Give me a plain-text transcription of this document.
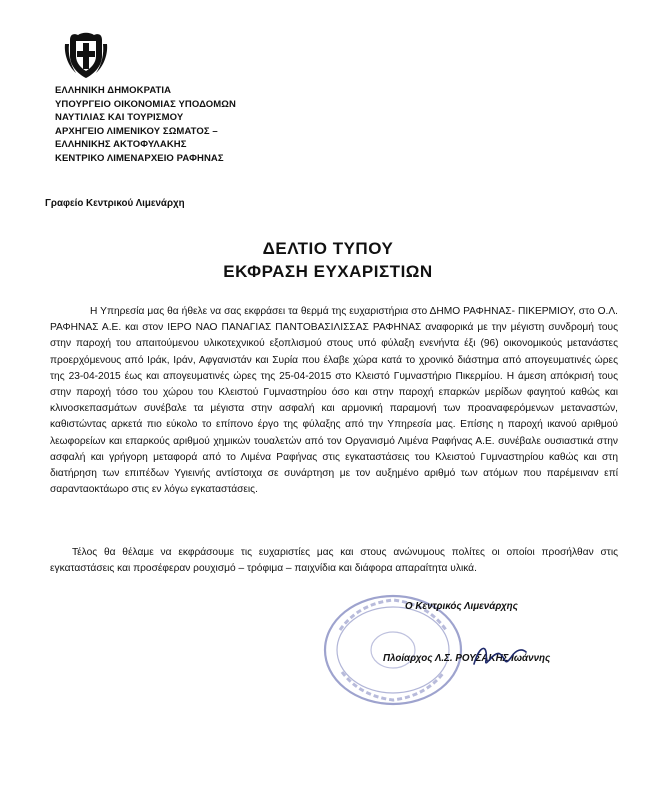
ΕΛΛΗΝΙΚΗ ΔΗΜΟΚΡΑΤΙΑ
ΥΠΟΥΡΓΕΙΟ ΟΙΚΟΝΟΜΙΑΣ ΥΠΟΔΟΜΩΝ
ΝΑΥΤΙΛΙΑΣ ΚΑΙ ΤΟΥΡΙΣΜΟΥ
ΑΡΧΗΓΕΙΟ ΛΙΜΕΝΙΚΟΥ ΣΩΜΑΤΟΣ –
ΕΛΛΗΝΙΚΗΣ ΑΚΤΟΦΥΛΑΚΗΣ
ΚΕΝΤΡΙΚΟ ΛΙΜΕΝΑΡΧΕΙΟ ΡΑΦΗΝΑΣ
Γραφείο Κεντρικού Λιμενάρχη
ΔΕΛΤΙΟ ΤΥΠΟΥ
ΕΚΦΡΑΣΗ ΕΥΧΑΡΙΣΤΙΩΝ
Η Υπηρεσία μας θα ήθελε να σας εκφράσει τα θερμά της ευχαριστήρια στο ΔΗΜΟ ΡΑΦΗΝΑΣ- ΠΙΚΕΡΜΙΟΥ, στο Ο.Λ. ΡΑΦΗΝΑΣ Α.Ε. και στον ΙΕΡΟ ΝΑΟ ΠΑΝΑΓΙΑΣ ΠΑΝΤΟΒΑΣΙΛΙΣΣΑΣ ΡΑΦΗΝΑΣ αναφορικά με την μέγιστη συνδρομή τους στην παροχή του απαιτούμενου υλικοτεχνικού εξοπλισμού στους υπό φύλαξη ενενήντα έξι (96) οικονομικούς μετανάστες προερχόμενους από Ιράκ, Ιράν, Αφγανιστάν και Συρία που έλαβε χώρα κατά το χρονικό διάστημα από απογευματινές ώρες της 23-04-2015 έως και απογευματινές ώρες της 25-04-2015 στο Κλειστό Γυμναστήριο Πικερμίου. Η άμεση απόκρισή τους στην παροχή τόσο του χώρου του Κλειστού Γυμναστηρίου όσο και στην παροχή επαρκών μερίδων φαγητού καθώς και κλινοσκεπασμάτων συνέβαλε τα μέγιστα στην ασφαλή και αρμονική παραμονή των προαναφερόμενων μεταναστών, καθιστώντας αρκετά πιο εύκολο το επίπονο έργο της φύλαξης από την Υπηρεσία μας. Επίσης η παροχή ικανού αριθμού λεωφορείων και επαρκούς αριθμού χημικών τουαλετών από τον Οργανισμό Λιμένα Ραφήνας Α.Ε. συνέβαλε ουσιαστικά στην ασφαλή και γρήγορη μεταφορά από το Λιμένα Ραφήνας στις εγκαταστάσεις του Κλειστού Γυμναστηρίου καθώς και στη διατήρηση των επιπέδων Υγιεινής αντίστοιχα σε συνάρτηση με τον αυξημένο αριθμό των ατόμων που παρέμειναν επί σαρανταοκτάωρο στις εν λόγω εγκαταστάσεις.
Τέλος θα θέλαμε να εκφράσουμε τις ευχαριστίες μας και στους ανώνυμους πολίτες οι οποίοι προσήλθαν στις εγκαταστάσεις και προσέφεραν ρουχισμό – τρόφιμα – παιχνίδια και διάφορα απαραίτητα υλικά.
Ο Κεντρικός Λιμενάρχης
Πλοίαρχος Λ.Σ. ΡΟΥΣΑΚΗΣ Ιωάννης
